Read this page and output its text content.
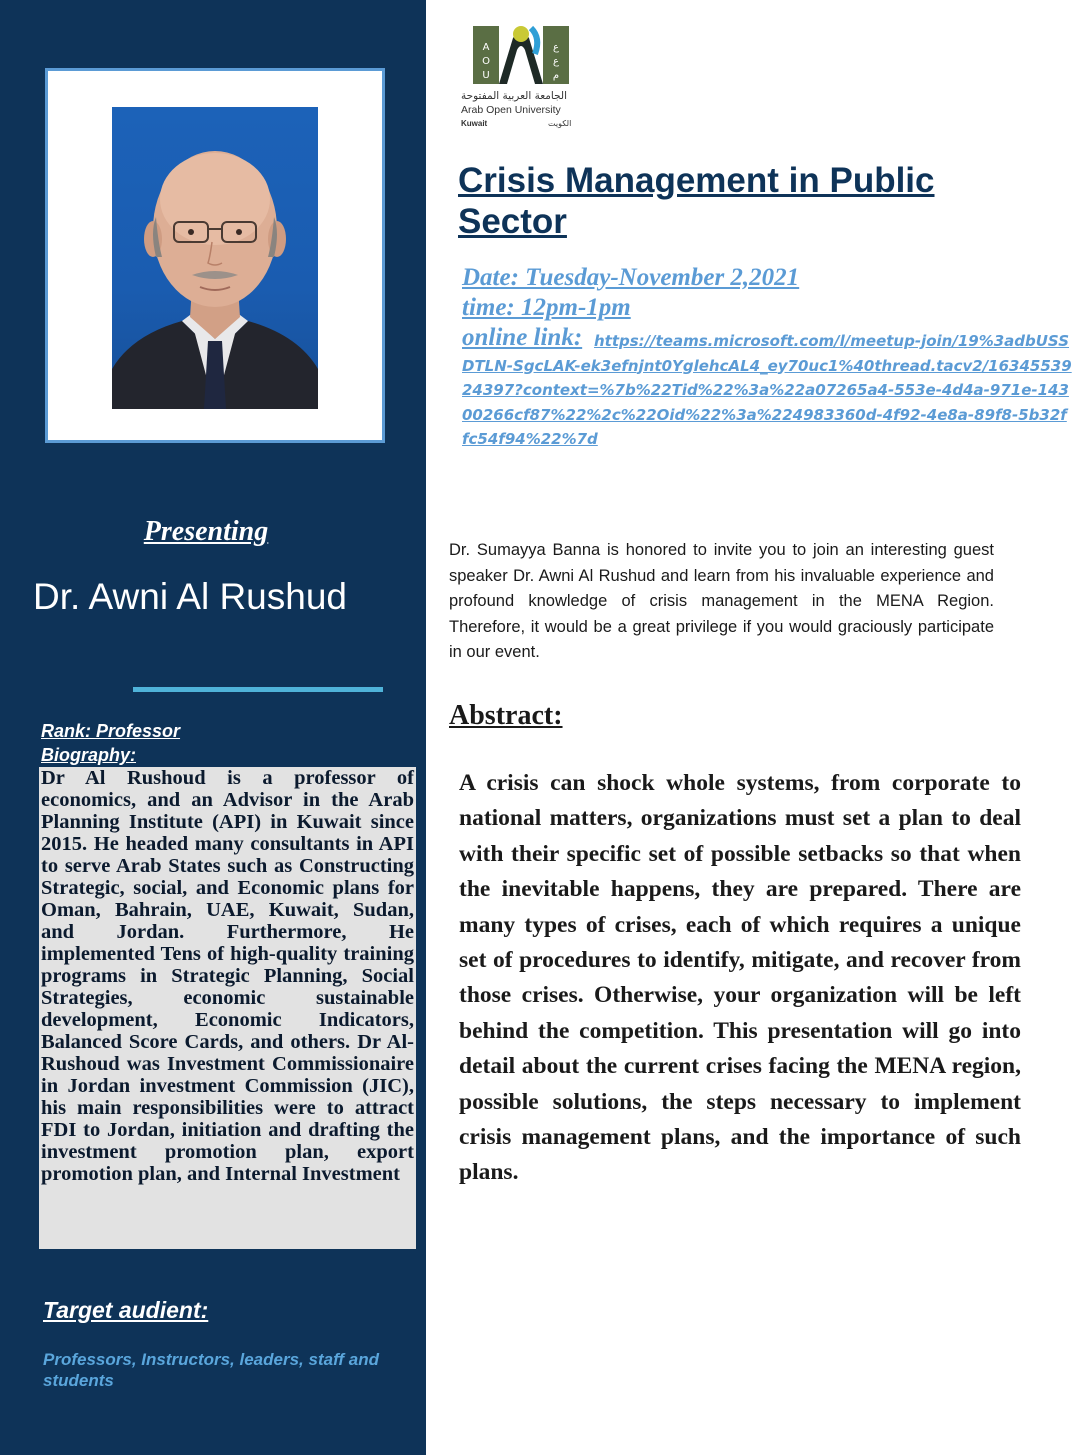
Presenting
Dr. Awni Al Rushud
Rank: Professor
Biography:
Dr Al Rushoud is a professor of economics, and an Advisor in the Arab Planning Institute (API) in Kuwait since 2015. He headed many consultants in API to serve Arab States such as Constructing Strategic, social, and Economic plans for Oman, Bahrain, UAE, Kuwait, Sudan, and Jordan. Furthermore, He implemented Tens of high-quality training programs in Strategic Planning, Social Strategies, economic sustainable development, Economic Indicators, Balanced Score Cards, and others. Dr Al-Rushoud was Investment Commissionaire in Jordan investment Commission (JIC), his main responsibilities were to attract FDI to Jordan, initiation and drafting the investment promotion plan, export promotion plan, and Internal Investment
Target audient:
Professors, Instructors, leaders, staff and students
A
O
U
ع
ع
م
الجامعة العربية المفتوحة
Arab Open University
Kuwait	الكويت
Crisis Management in Public Sector
Date: Tuesday-November 2,2021
time: 12pm-1pm
online link: https://teams.microsoft.com/l/meetup-join/19%3adbUSSDTLN-SgcLAK-ek3efnjnt0YglehcAL4_ey70uc1%40thread.tacv2/1634553924397?context=%7b%22Tid%22%3a%22a07265a4-553e-4d4a-971e-14300266cf87%22%2c%22Oid%22%3a%224983360d-4f92-4e8a-89f8-5b32ffc54f94%22%7d
Dr. Sumayya Banna is honored to invite you to join an interesting guest speaker Dr. Awni Al Rushud and learn from his invaluable experience and profound knowledge of crisis management in the MENA Region. Therefore, it would be a great privilege if you would graciously participate in our event.
Abstract:
A crisis can shock whole systems, from corporate to national matters, organizations must set a plan to deal with their specific set of possible setbacks so that when the inevitable happens, they are prepared. There are many types of crises, each of which requires a unique set of procedures to identify, mitigate, and recover from those crises. Otherwise, your organization will be left behind the competition. This presentation will go into detail about the current crises facing the MENA region, possible solutions, the steps necessary to implement crisis management plans, and the importance of such plans.
